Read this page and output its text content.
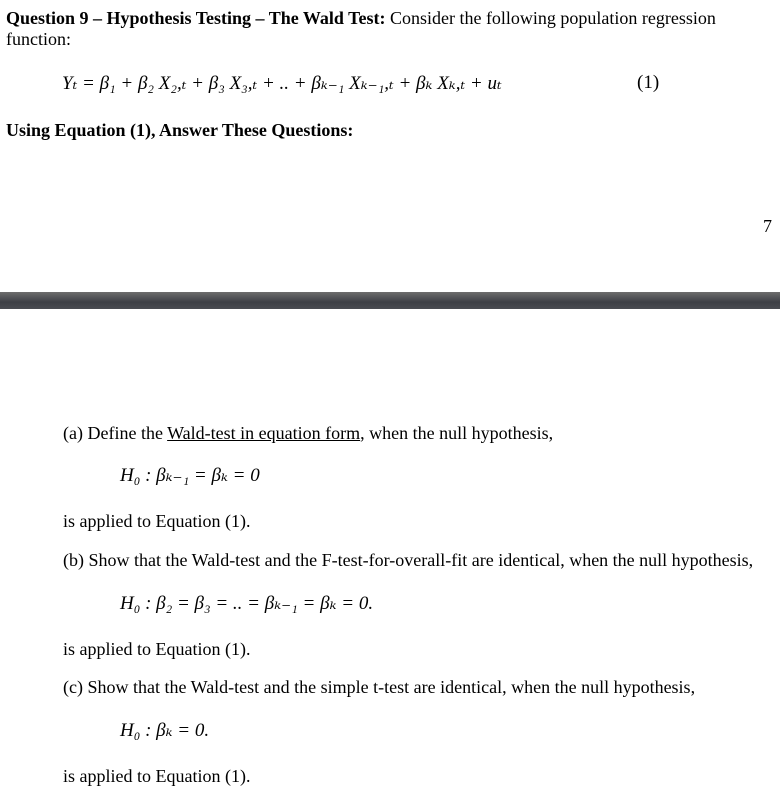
Question 9 – Hypothesis Testing – The Wald Test: Consider the following population regression function:
Yₜ = β₁ + β₂ X₂,ₜ + β₃ X₃,ₜ + .. + βₖ₋₁ Xₖ₋₁,ₜ + βₖ Xₖ,ₜ + uₜ	(1)
Using Equation (1), Answer These Questions:
7
(a) Define the Wald-test in equation form, when the null hypothesis,
H₀ : βₖ₋₁ = βₖ = 0
is applied to Equation (1).
(b) Show that the Wald-test and the F-test-for-overall-fit are identical, when the null hypothesis,
H₀ : β₂ = β₃ = .. = βₖ₋₁ = βₖ = 0.
is applied to Equation (1).
(c) Show that the Wald-test and the simple t-test are identical, when the null hypothesis,
H₀ : βₖ = 0.
is applied to Equation (1).
